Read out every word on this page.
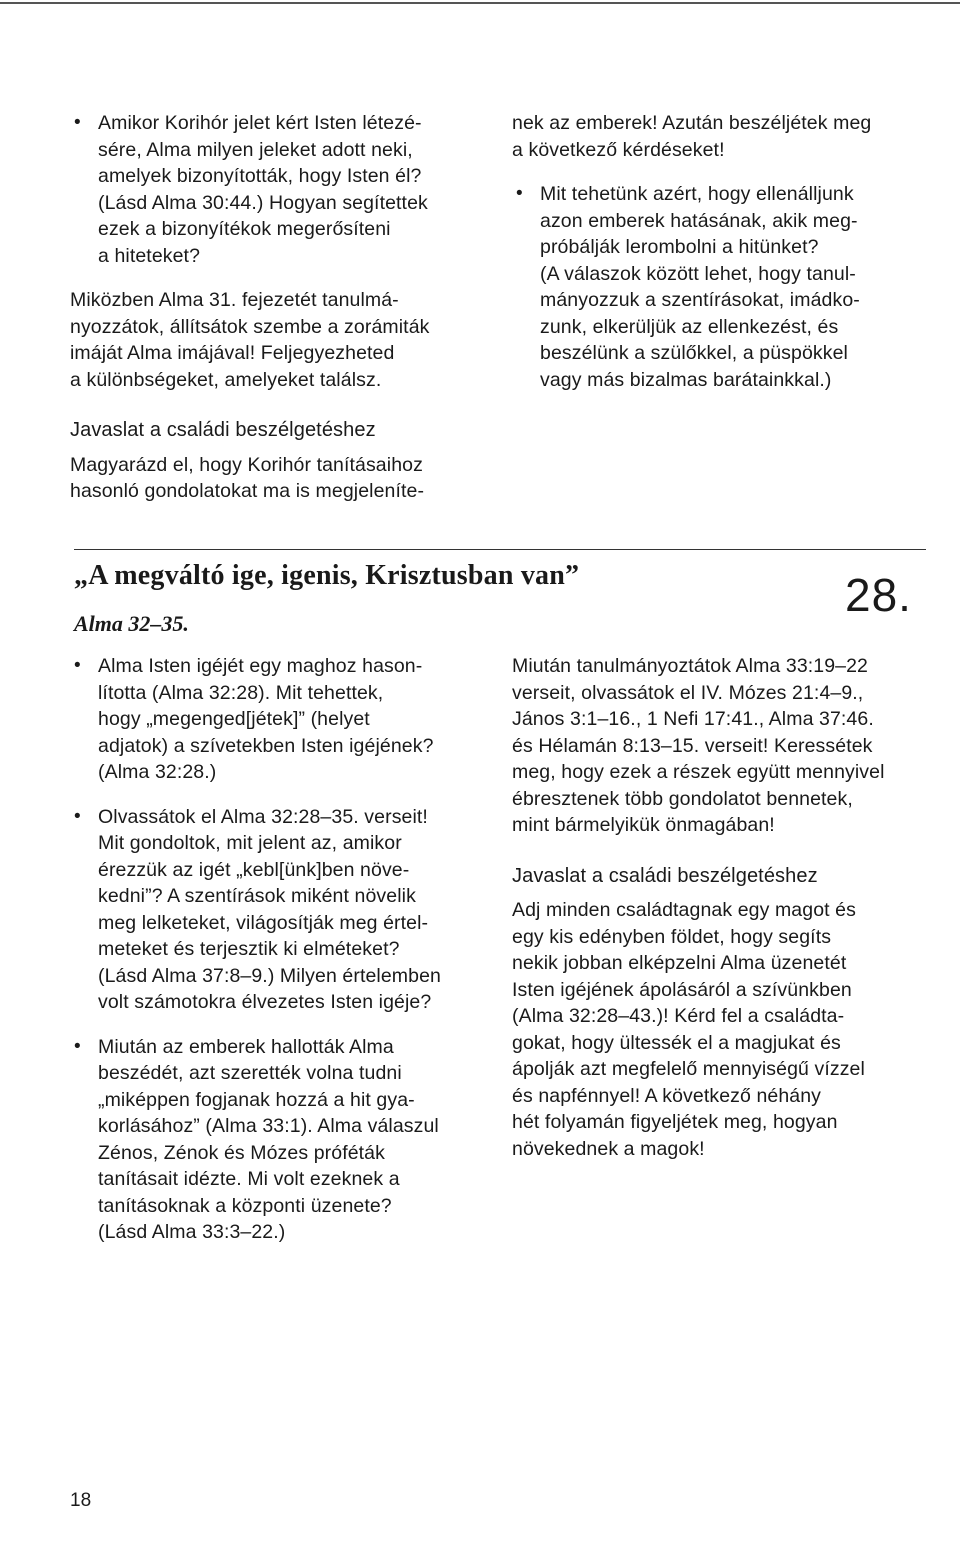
• Amikor Korihór jelet kért Isten létezé-
sére, Alma milyen jeleket adott neki,
amelyek bizonyították, hogy Isten él?
(Lásd Alma 30:44.) Hogyan segítettek
ezek a bizonyítékok megerősíteni
a hiteteket?
Miközben Alma 31. fejezetét tanulmá-
nyozzátok, állítsátok szembe a zorámiták
imáját Alma imájával! Feljegyezheted
a különbségeket, amelyeket találsz.
Javaslat a családi beszélgetéshez
Magyarázd el, hogy Korihór tanításaihoz
hasonló gondolatokat ma is megjeleníte-
nek az emberek! Azután beszéljétek meg
a következő kérdéseket!
• Mit tehetünk azért, hogy ellenálljunk
azon emberek hatásának, akik meg-
próbálják lerombolni a hitünket?
(A válaszok között lehet, hogy tanul-
mányozzuk a szentírásokat, imádko-
zunk, elkerüljük az ellenkezést, és
beszélünk a szülőkkel, a püspökkel
vagy más bizalmas barátainkkal.)
„A megváltó ige, igenis, Krisztusban van”
Alma 32–35.
28.
• Alma Isten igéjét egy maghoz hason-
lította (Alma 32:28). Mit tehettek,
hogy „megenged[jétek]” (helyet
adjatok) a szívetekben Isten igéjének?
(Alma 32:28.)
• Olvassátok el Alma 32:28–35. verseit!
Mit gondoltok, mit jelent az, amikor
érezzük az igét „kebl[ünk]ben növe-
kedni”? A szentírások miként növelik
meg lelketeket, világosítják meg értel-
meteket és terjesztik ki elméteket?
(Lásd Alma 37:8–9.) Milyen értelemben
volt számotokra élvezetes Isten igéje?
• Miután az emberek hallották Alma
beszédét, azt szerették volna tudni
„miképpen fogjanak hozzá a hit gya-
korlásához” (Alma 33:1). Alma válaszul
Zénos, Zénok és Mózes próféták
tanításait idézte. Mi volt ezeknek a
tanításoknak a központi üzenete?
(Lásd Alma 33:3–22.)
Miután tanulmányoztátok Alma 33:19–22
verseit, olvassátok el IV. Mózes 21:4–9.,
János 3:1–16., 1 Nefi 17:41., Alma 37:46.
és Hélamán 8:13–15. verseit! Keressétek
meg, hogy ezek a részek együtt mennyivel
ébresztenek több gondolatot bennetek,
mint bármelyikük önmagában!
Javaslat a családi beszélgetéshez
Adj minden családtagnak egy magot és
egy kis edényben földet, hogy segíts
nekik jobban elképzelni Alma üzenetét
Isten igéjének ápolásáról a szívünkben
(Alma 32:28–43.)! Kérd fel a családta-
gokat, hogy ültessék el a magjukat és
ápolják azt megfelelő mennyiségű vízzel
és napfénnyel! A következő néhány
hét folyamán figyeljétek meg, hogyan
növekednek a magok!
18
